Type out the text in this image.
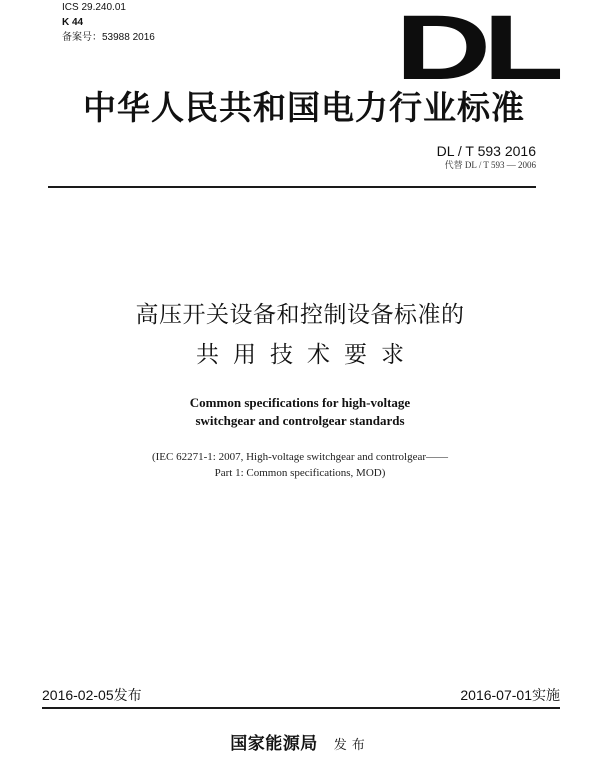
ICS 29.240.01
K 44
备案号：53988 2016	DL
中华人民共和国电力行业标准
DL / T 593 2016
代替 DL / T 593 — 2006
高压开关设备和控制设备标准的
共用技术要求
Common specifications for high-voltage
switchgear and controlgear standards
(IEC 62271-1: 2007, High-voltage switchgear and controlgear——
Part 1: Common specifications, MOD)
2016-02-05发布	2016-07-01实施
国家能源局 发布
